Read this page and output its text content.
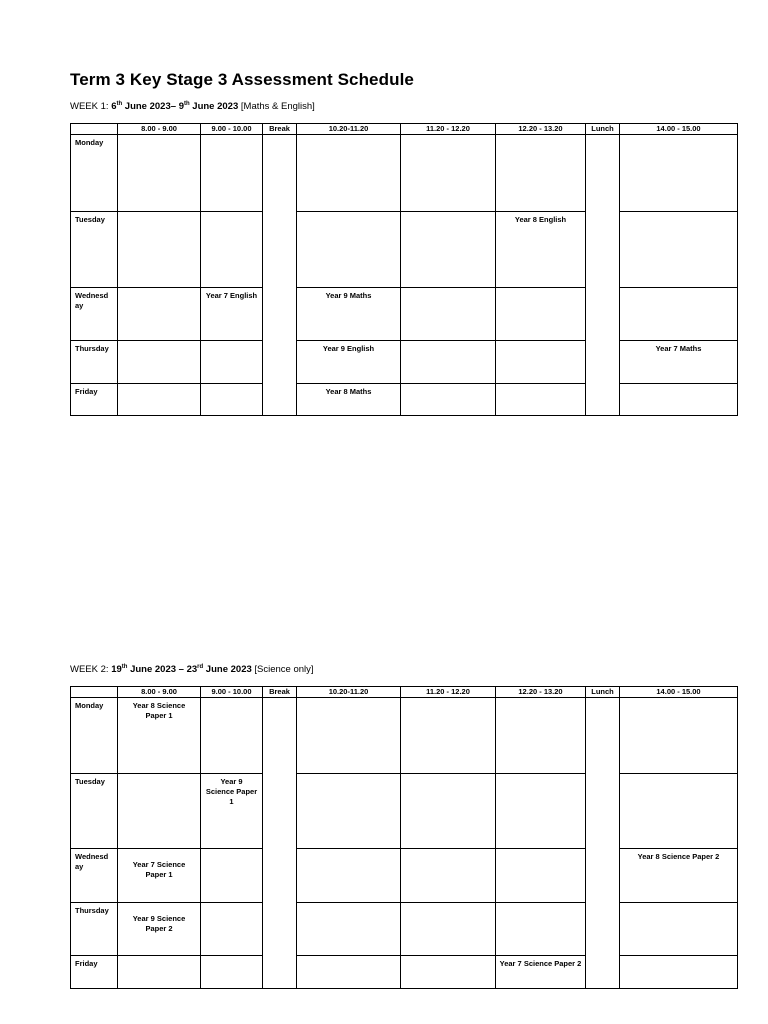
Term 3 Key Stage 3 Assessment Schedule
WEEK 1: 6th June 2023– 9th June 2023 [Maths & English]
	8.00 - 9.00	9.00 - 10.00	Break	10.20-11.20	11.20 - 12.20	12.20 - 13.20	Lunch	14.00 - 15.00
Monday								
Tuesday						Year 8 English		
Wednesday		Year 7 English		Year 9 Maths				
Thursday				Year 9 English				Year 7 Maths
Friday				Year 8 Maths				
WEEK 2: 19th June 2023 – 23rd June 2023 [Science only]
	8.00 - 9.00	9.00 - 10.00	Break	10.20-11.20	11.20 - 12.20	12.20 - 13.20	Lunch	14.00 - 15.00
Monday	Year 8 Science Paper 1							
Tuesday		Year 9 Science Paper 1						
Wednesday	Year 7 Science Paper 1							Year 8 Science Paper 2
Thursday	Year 9 Science Paper 2							
Friday						Year 7 Science Paper 2		
